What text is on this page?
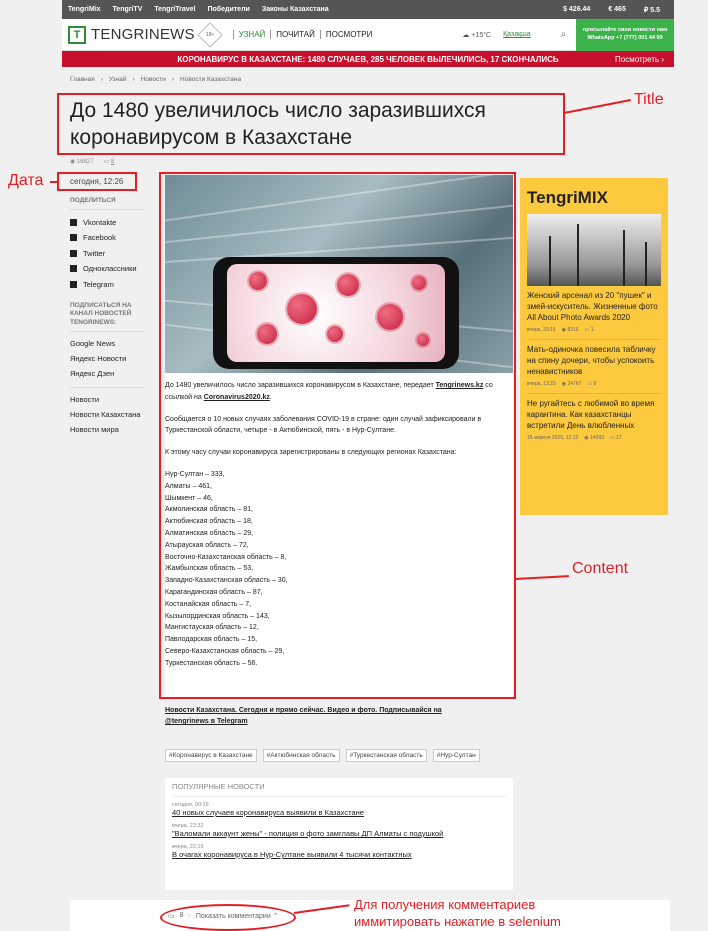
TengriMix	TengriTV	TengriTravel	Победители	Законы Казахстана	$ 426.44	€ 465	₽ 5.5
T TENGRINEWS 18+	УЗНАЙ	ПОЧИТАЙ	ПОСМОТРИ	☁ +15°C Қазақша	⌕	присылайте свои новости нам WhatsApp +7 (777) 001 44 99
КОРОНАВИРУС В КАЗАХСТАНЕ: 1480 СЛУЧАЕВ, 285 ЧЕЛОВЕК ВЫЛЕЧИЛИСЬ, 17 СКОНЧАЛИСЬ	Посмотреть ›
Главная › Узнай › Новости › Новости Казахстана
До 1480 увеличилось число заразившихся коронавирусом в Казахстане
Title
◉ 16827 ▭ 8
сегодня, 12:26
Дата
ПОДЕЛИТЬСЯ
Vkontakte
Facebook
Twitter
Одноклассники
Telegram
ПОДПИСАТЬСЯ НА КАНАЛ НОВОСТЕЙ TENGRINEWS:
Google News
Яндекс Новости
Яндекс Дзен
Новости
Новости Казахстана
Новости мира

До 1480 увеличилось число заразившихся коронавирусом в Казахстане, передает Tengrinews.kz со ссылкой на Coronavirus2020.kz.

Сообщается о 10 новых случаях заболевания COVID-19 в стране: один случай зафиксировали в Туркестанской области, четыре - в Актюбинской, пять - в Нур-Султане.

К этому часу случаи коронавируса зарегистрированы в следующих регионах Казахстана:

Нур-Султан – 333,
Алматы – 461,
Шымкент – 46,
Акмолинская область – 81,
Актюбинская область – 18,
Алматинская область – 29,
Атырауская область – 72,
Восточно-Казахстанская область – 8,
Жамбылская область – 53,
Западно-Казахстанская область – 30,
Карагандинская область – 87,
Костанайская область – 7,
Кызылординская область – 143,
Мангистауская область – 12,
Павлодарская область – 15,
Северо-Казахстанская область – 29,
Туркестанская область – 56.
Content
Новости Казахстана. Сегодня и прямо сейчас. Видео и фото. Подписывайся на @tengrinews в Telegram
#Коронавирус в Казахстане	#Актюбинская область	#Туркестанская область	#Нур-Султан
ПОПУЛЯРНЫЕ НОВОСТИ
сегодня, 00:16
40 новых случаев коронавируса выявили в Казахстане
вчера, 22:32
"Валомали аккаунт жены" - полиция о фото замглавы ДП Алматы с подушкой
вчера, 22:19
В очагах коронавируса в Нур-Султане выявили 4 тысячи контактных
▭ 8 · Показать комментарии ⌃
Для получения комментариев иммитировать нажатие в selenium
TengriMIX
Женский арсенал из 20 "пушек" и змей-искуситель. Жизненные фото All About Photo Awards 2020
вчера, 20:15 ◉ 8316 ▭ 1
Мать-одиночка повесила табличку на спину дочери, чтобы успокоить ненавистников
вчера, 13:23 ◉ 24767 ▭ 8
Не ругайтесь с любимой во время карантина. Как казахстанцы встретили День влюбленных
15 апреля 2020, 12:12 ◉ 14093 ▭ 17
